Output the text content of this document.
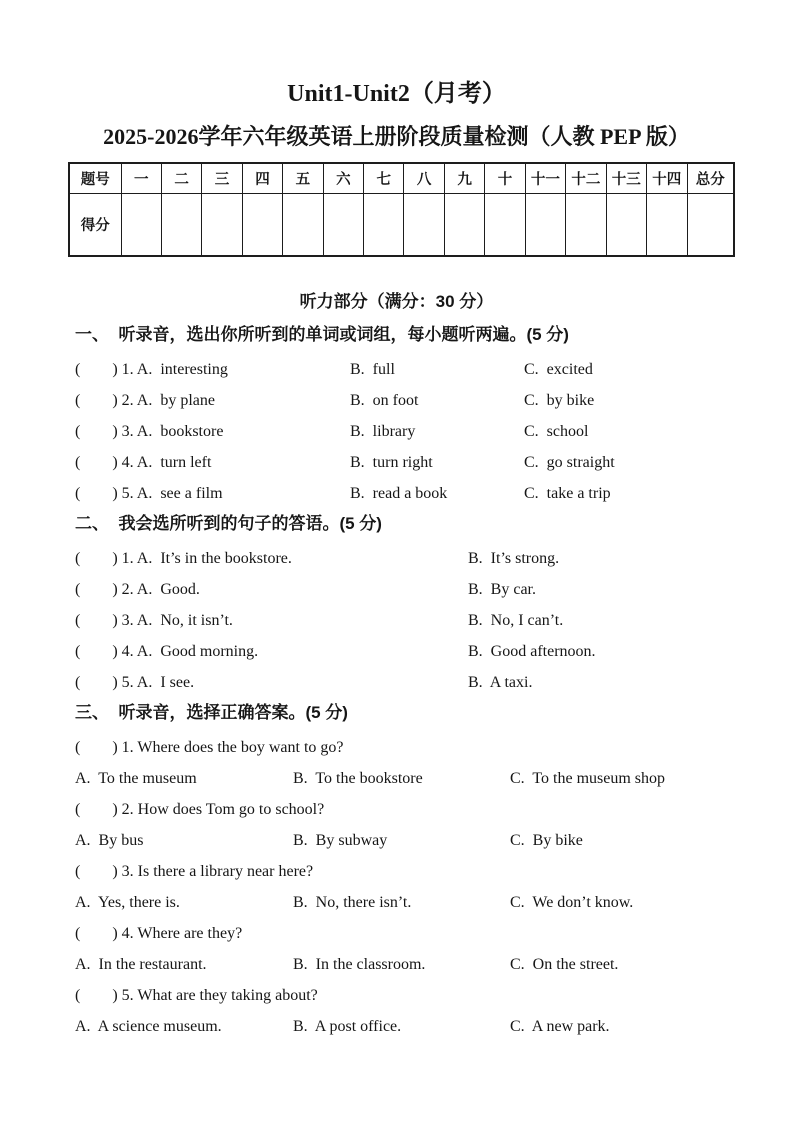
Unit1-Unit2（月考）
2025-2026学年六年级英语上册阶段质量检测（人教 PEP 版）
题号	一	二	三	四	五	六	七	八	九	十	十一	十二	十三	十四	总分
得分															
听力部分（满分：30 分）
一、  听录音，选出你所听到的单词或词组，每小题听两遍。(5 分)
(        ) 1. A.  interesting	B.  full	C.  excited
(        ) 2. A.  by plane	B.  on foot	C.  by bike
(        ) 3. A.  bookstore	B.  library	C.  school
(        ) 4. A.  turn left	B.  turn right	C.  go straight
(        ) 5. A.  see a film	B.  read a book	C.  take a trip
二、  我会选所听到的句子的答语。(5 分)
(        ) 1. A.  It’s in the bookstore.	B.  It’s strong.
(        ) 2. A.  Good.	B.  By car.
(        ) 3. A.  No, it isn’t.	B.  No, I can’t.
(        ) 4. A.  Good morning.	B.  Good afternoon.
(        ) 5. A.  I see.	B.  A taxi.
三、  听录音，选择正确答案。(5 分)
(        ) 1. Where does the boy want to go?
A.  To the museum	B.  To the bookstore	C.  To the museum shop
(        ) 2. How does Tom go to school?
A.  By bus	B.  By subway	C.  By bike
(        ) 3. Is there a library near here?
A.  Yes, there is.	B.  No, there isn’t.	C.  We don’t know.
(        ) 4. Where are they?
A.  In the restaurant.	B.  In the classroom.	C.  On the street.
(        ) 5. What are they taking about?
A.  A science museum.	B.  A post office.	C.  A new park.
